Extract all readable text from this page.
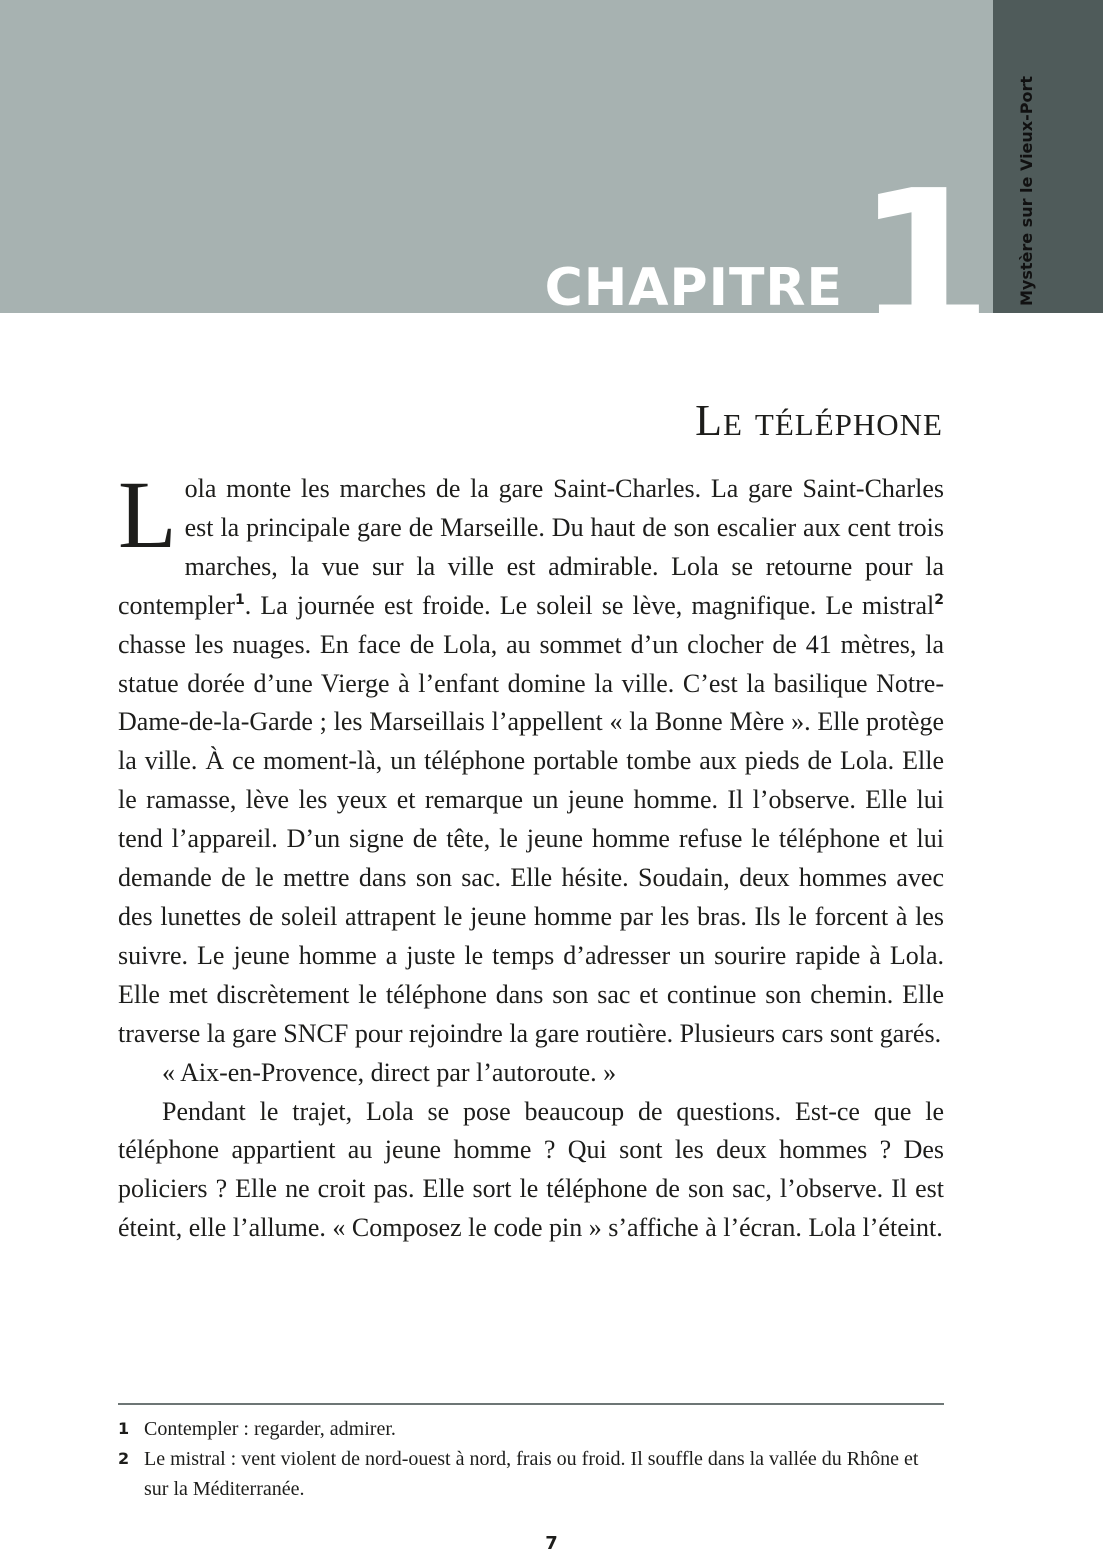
Mystère sur le Vieux-Port
CHAPITRE 1
Le téléphone

Lola monte les marches de la gare Saint-Charles. La gare Saint-Charles est la principale gare de Marseille. Du haut de son escalier aux cent trois marches, la vue sur la ville est admirable. Lola se retourne pour la contempler$^1$. La journée est froide. Le soleil se lève, magnifique. Le mistral$^2$ chasse les nuages. En face de Lola, au sommet d’un clocher de 41 mètres, la statue dorée d’une Vierge à l’enfant domine la ville. C’est la basilique Notre-Dame-de-la-Garde ; les Marseillais l’appellent « la Bonne Mère ». Elle protège la ville. À ce moment-là, un téléphone portable tombe aux pieds de Lola. Elle le ramasse, lève les yeux et remarque un jeune homme. Il l’observe. Elle lui tend l’appareil. D’un signe de tête, le jeune homme refuse le téléphone et lui demande de le mettre dans son sac. Elle hésite. Soudain, deux hommes avec des lunettes de soleil attrapent le jeune homme par les bras. Ils le forcent à les suivre. Le jeune homme a juste le temps d’adresser un sourire rapide à Lola. Elle met discrètement le téléphone dans son sac et continue son chemin. Elle traverse la gare SNCF pour rejoindre la gare routière. Plusieurs cars sont garés.

« Aix-en-Provence, direct par l’autoroute. »

Pendant le trajet, Lola se pose beaucoup de questions. Est-ce que le téléphone appartient au jeune homme ? Qui sont les deux hommes ? Des policiers ? Elle ne croit pas. Elle sort le téléphone de son sac, l’observe. Il est éteint, elle l’allume. « Composez le code pin » s’affiche à l’écran. Lola l’éteint.

1 Contempler : regarder, admirer.
2 Le mistral : vent violent de nord-ouest à nord, frais ou froid. Il souffle dans la vallée du Rhône et sur la Méditerranée.
7
